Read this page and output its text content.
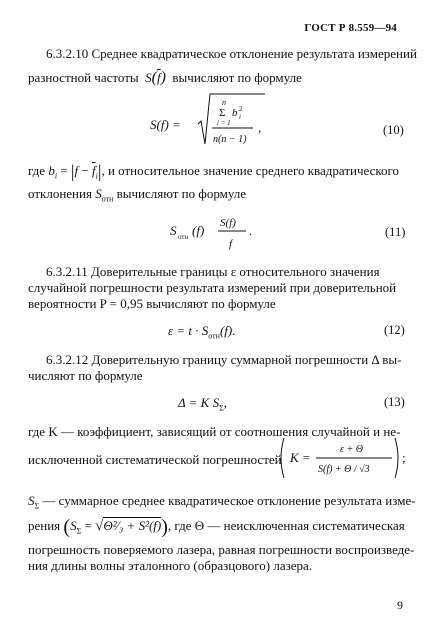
ГОСТ Р 8.559—94
6.3.2.10 Среднее квадратическое отклонение результата измерений
разностной частоты  $S(\overline{f})$ вычисляют по формуле
S(f) =
n
Σ b 2
i
i = 1
n(n − 1)
,	(10)
где $b_i = |f - \overline{f}_i|$, и относительное значение среднего квадратического
отклонения $S_{отн}$ вычисляют по формуле
S отн (f) S(f)
f
.	(11)
6.3.2.11 Доверительные границы ε относительного значения
случайной погрешности результата измерений при доверительной
вероятности P = 0,95 вычисляют по формуле
$\varepsilon = t \cdot S_{отн}(f)$.	(12)
6.3.2.12 Доверительную границу суммарной погрешности Δ вы-
числяют по формуле
Δ = K $S_\Sigma$,	(13)
где K — коэффициент, зависящий от соотношения случайной и не-
исключенной систематической погрешностей K =
ε + Θ
S(f) + Θ / √3
;
$S_\Sigma$ — суммарное среднее квадратическое отклонение результата изме-
рения ($S_\Sigma$ = √Θ²⁄₃ + S²(f)), где Θ — неисключенная систематическая
погрешность поверяемого лазера, равная погрешности воспроизведе-
ния длины волны эталонного (образцового) лазера.
9
